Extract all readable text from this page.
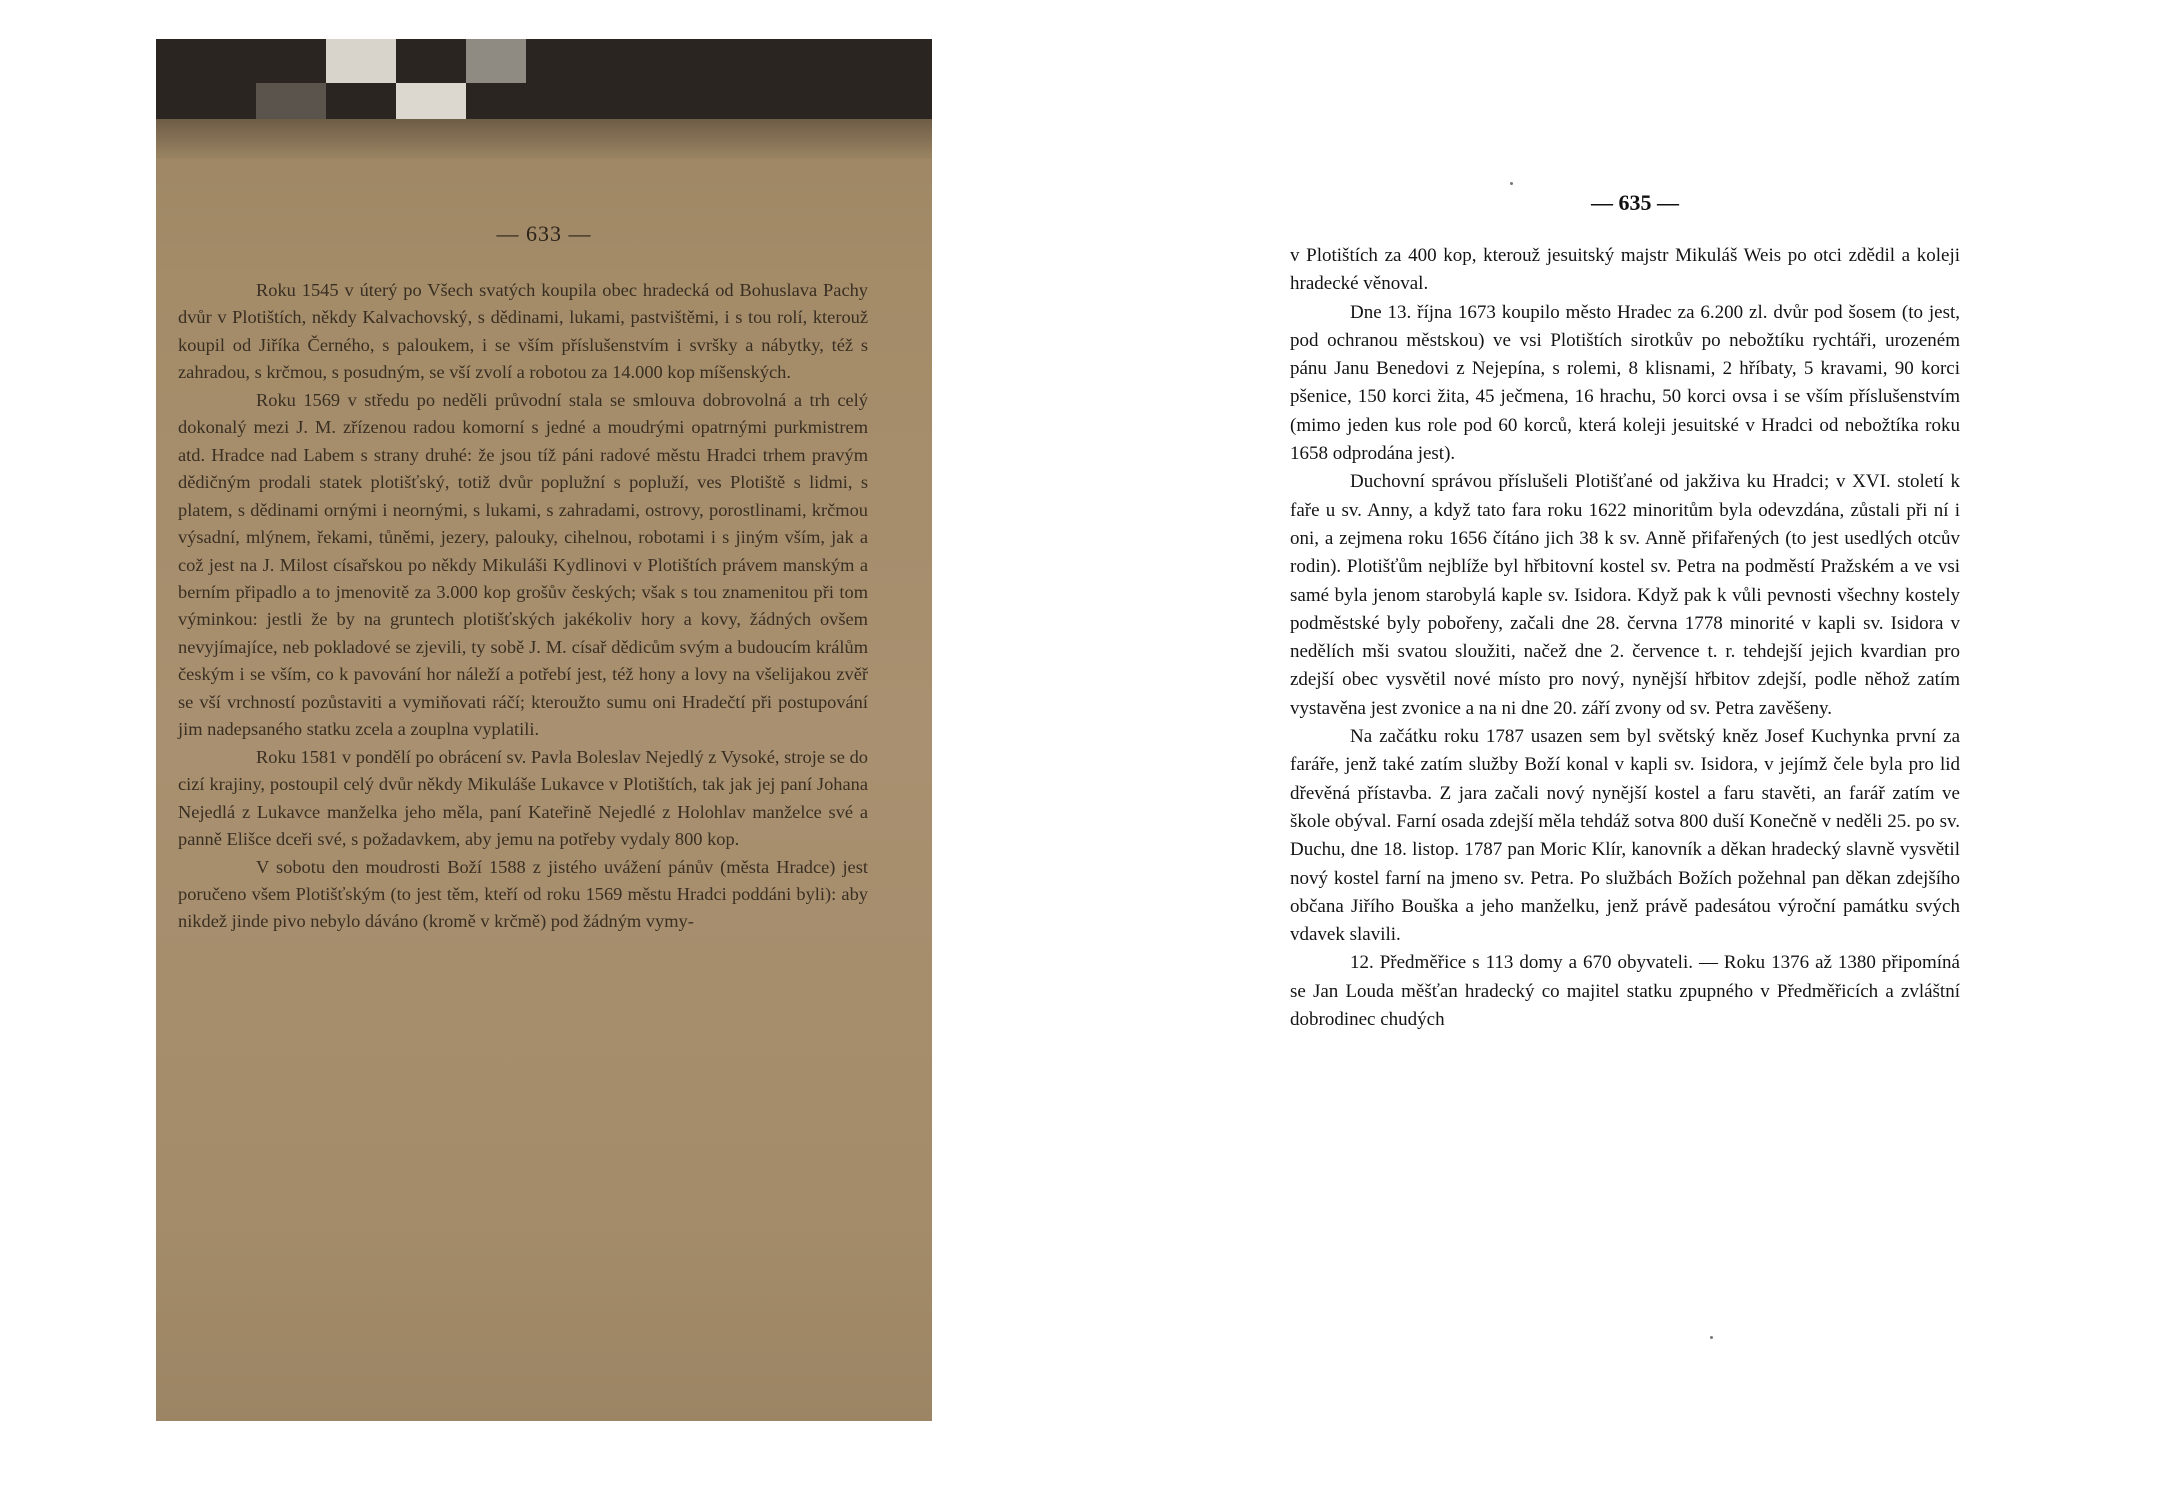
— 633 —

Roku 1545 v úterý po Všech svatých koupila obec hradecká od Bohuslava Pachy dvůr v Plotištích, někdy Kalvachovský, s dědinami, lukami, pastvištěmi, i s tou rolí, kterouž koupil od Jiříka Černého, s paloukem, i se vším příslušenstvím i svršky a nábytky, též s zahradou, s krčmou, s posudným, se vší zvolí a robotou za 14.000 kop míšenských.

Roku 1569 v středu po neděli průvodní stala se smlouva dobrovolná a trh celý dokonalý mezi J. M. zřízenou radou komorní s jedné a moudrými opatrnými purkmistrem atd. Hradce nad Labem s strany druhé: že jsou tíž páni radové městu Hradci trhem pravým dědičným prodali statek plotišťský, totiž dvůr poplužní s popluží, ves Plotiště s lidmi, s platem, s dědinami ornými i neornými, s lukami, s zahradami, ostrovy, porostlinami, krčmou výsadní, mlýnem, řekami, tůněmi, jezery, palouky, cihelnou, robotami i s jiným vším, jak a což jest na J. Milost císařskou po někdy Mikuláši Kydlinovi v Plotištích právem manským a berním připadlo a to jmenovitě za 3.000 kop grošův českých; však s tou znamenitou při tom výminkou: jestli že by na gruntech plotišťských jakékoliv hory a kovy, žádných ovšem nevyjímajíce, neb pokladové se zjevili, ty sobě J. M. císař dědicům svým a budoucím králům českým i se vším, co k pavování hor náleží a potřebí jest, též hony a lovy na všelijakou zvěř se vší vrchností pozůstaviti a vymiňovati ráčí; kteroužto sumu oni Hradečtí při postupování jim nadepsaného statku zcela a zouplna vyplatili.

Roku 1581 v pondělí po obrácení sv. Pavla Boleslav Nejedlý z Vysoké, stroje se do cizí krajiny, postoupil celý dvůr někdy Mikuláše Lukavce v Plotištích, tak jak jej paní Johana Nejedlá z Lukavce manželka jeho měla, paní Kateřině Nejedlé z Holohlav manželce své a panně Elišce dceři své, s požadavkem, aby jemu na potřeby vydaly 800 kop.

V sobotu den moudrosti Boží 1588 z jistého uvážení pánův (města Hradce) jest poručeno všem Plotišťským (to jest těm, kteří od roku 1569 městu Hradci poddáni byli): aby nikdež jinde pivo nebylo dáváno (kromě v krčmě) pod žádným vymy-

— 635 —

v Plotištích za 400 kop, kterouž jesuitský majstr Mikuláš Weis po otci zdědil a koleji hradecké věnoval.

Dne 13. října 1673 koupilo město Hradec za 6.200 zl. dvůr pod šosem (to jest, pod ochranou městskou) ve vsi Plotištích sirotkův po nebožtíku rychtáři, urozeném pánu Janu Benedovi z Nejepína, s rolemi, 8 klisnami, 2 hříbaty, 5 kravami, 90 korci pšenice, 150 korci žita, 45 ječmena, 16 hrachu, 50 korci ovsa i se vším příslušenstvím (mimo jeden kus role pod 60 korců, která koleji jesuitské v Hradci od nebožtíka roku 1658 odprodána jest).

Duchovní správou příslušeli Plotišťané od jakživa ku Hradci; v XVI. století k faře u sv. Anny, a když tato fara roku 1622 minoritům byla odevzdána, zůstali při ní i oni, a zejmena roku 1656 čítáno jich 38 k sv. Anně přifařených (to jest usedlých otcův rodin). Plotišťům nejblíže byl hřbitovní kostel sv. Petra na podměstí Pražském a ve vsi samé byla jenom starobylá kaple sv. Isidora. Když pak k vůli pevnosti všechny kostely podměstské byly pobořeny, začali dne 28. června 1778 minorité v kapli sv. Isidora v nedělích mši svatou sloužiti, načež dne 2. července t. r. tehdejší jejich kvardian pro zdejší obec vysvětil nové místo pro nový, nynější hřbitov zdejší, podle něhož zatím vystavěna jest zvonice a na ni dne 20. září zvony od sv. Petra zavěšeny.

Na začátku roku 1787 usazen sem byl světský kněz Josef Kuchynka první za faráře, jenž také zatím služby Boží konal v kapli sv. Isidora, v jejímž čele byla pro lid dřevěná přístavba. Z jara začali nový nynější kostel a faru stavěti, an farář zatím ve škole obýval. Farní osada zdejší měla tehdáž sotva 800 duší Konečně v neděli 25. po sv. Duchu, dne 18. listop. 1787 pan Moric Klír, kanovník a děkan hradecký slavně vysvětil nový kostel farní na jmeno sv. Petra. Po službách Božích požehnal pan děkan zdejšího občana Jiřího Bouška a jeho manželku, jenž právě padesátou výroční památku svých vdavek slavili.

12. Předměřice s 113 domy a 670 obyvateli. — Roku 1376 až 1380 připomíná se Jan Louda měšťan hradecký co majitel statku zpupného v Předměřicích a zvláštní dobrodinec chudých
